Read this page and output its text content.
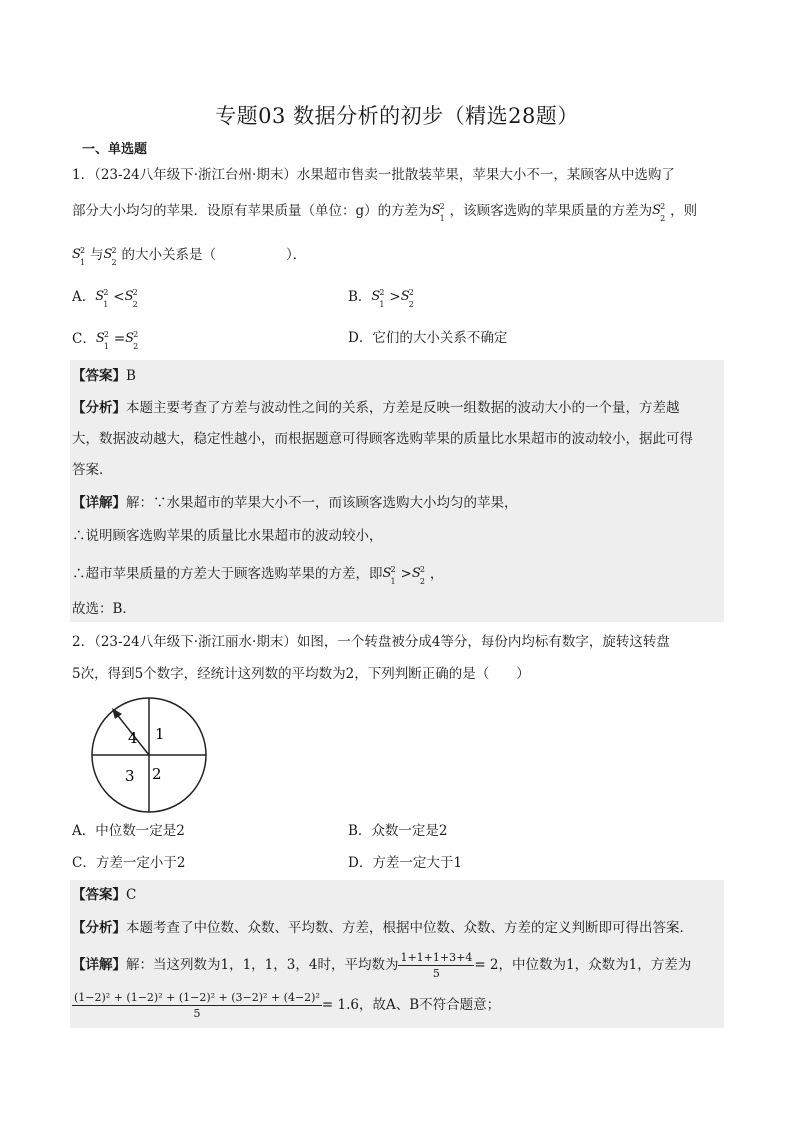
专题03 数据分析的初步（精选28题）
一、单选题
1．（23-24八年级下·浙江台州·期末）水果超市售卖一批散装苹果，苹果大小不一，某顾客从中选购了
部分大小均匀的苹果．设原有苹果质量（单位：g）的方差为 S 2
1 ，该顾客选购的苹果质量的方差为 S 2
2 ，则
S 2
1 与 S 2
2 的大小关系是（	）．
A． S 2
1 < S 2
2	B． S 2
1 > S 2
2
C． S 2
1 = S 2
2
D．它们的大小关系不确定
【答案】B
【分析】本题主要考查了方差与波动性之间的关系，方差是反映一组数据的波动大小的一个量，方差越
大，数据波动越大，稳定性越小，而根据题意可得顾客选购苹果的质量比水果超市的波动较小，据此可得
答案．
【详解】解：∵水果超市的苹果大小不一，而该顾客选购大小均匀的苹果，
∴说明顾客选购苹果的质量比水果超市的波动较小，
∴超市苹果质量的方差大于顾客选购苹果的方差，即 S 2
1 > S 2
2 ，
故选：B．
2．（23-24八年级下·浙江丽水·期末）如图，一个转盘被分成4等分，每份内均标有数字，旋转这转盘
5次，得到5个数字，经统计这列数的平均数为2，下列判断正确的是（　　）
1
2
3
4
A．中位数一定是2	B．众数一定是2
C．方差一定小于2	D．方差一定大于1
【答案】C
【分析】本题考查了中位数、众数、平均数、方差，根据中位数、众数、方差的定义判断即可得出答案．
【详解】解：当这列数为1，1，1，3，4时，平均数为 $\frac{1+1+1+3+4}{5} = 2$，中位数为1，众数为1，方差为
$\frac{\text{(1−2)² + (1−2)² + (1−2)² + (3−2)² + (4−2)²}}{5} = 1.6$，故A、B不符合题意；
